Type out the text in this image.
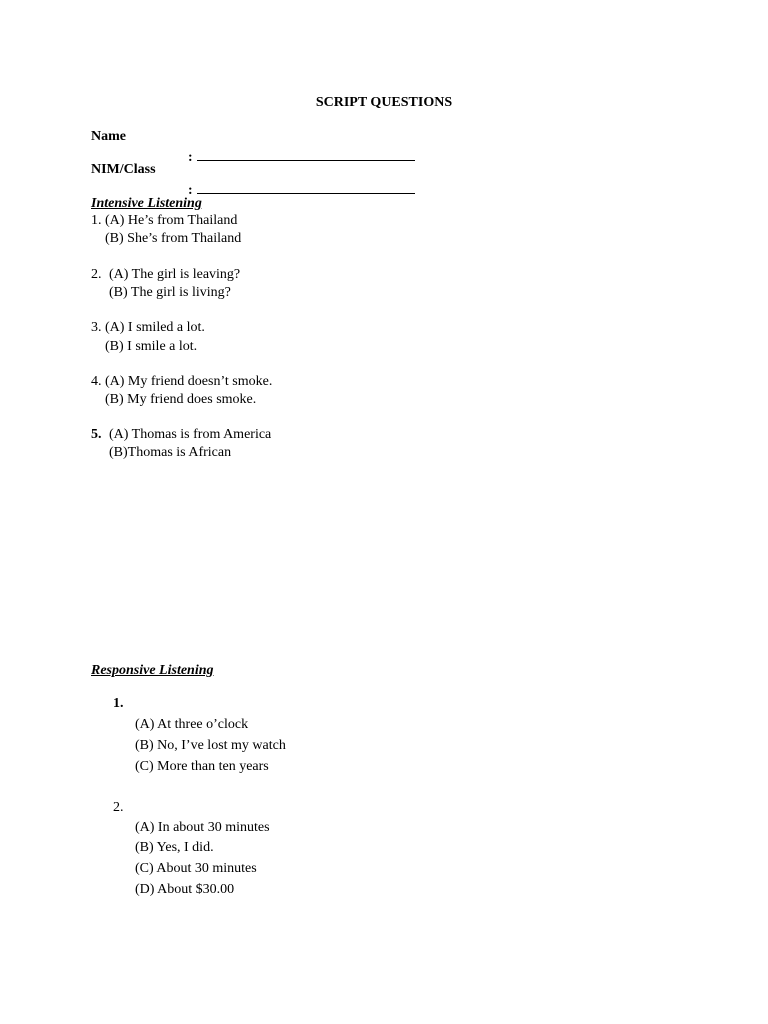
SCRIPT QUESTIONS
Name

:

NIM/Class

:

Intensive Listening
1. (A) He’s from Thailand
(B) She’s from Thailand
2. (A) The girl is leaving?
(B) The girl is living?
3. (A) I smiled a lot.
(B) I smile a lot.
4. (A) My friend doesn’t smoke.
(B) My friend does smoke.
5. (A) Thomas is from America
(B)Thomas is African
Responsive Listening
1.
(A) At three o’clock
(B) No, I’ve lost my watch
(C) More than ten years
2.
(A) In about 30 minutes
(B) Yes, I did.
(C) About 30 minutes
(D) About $30.00
